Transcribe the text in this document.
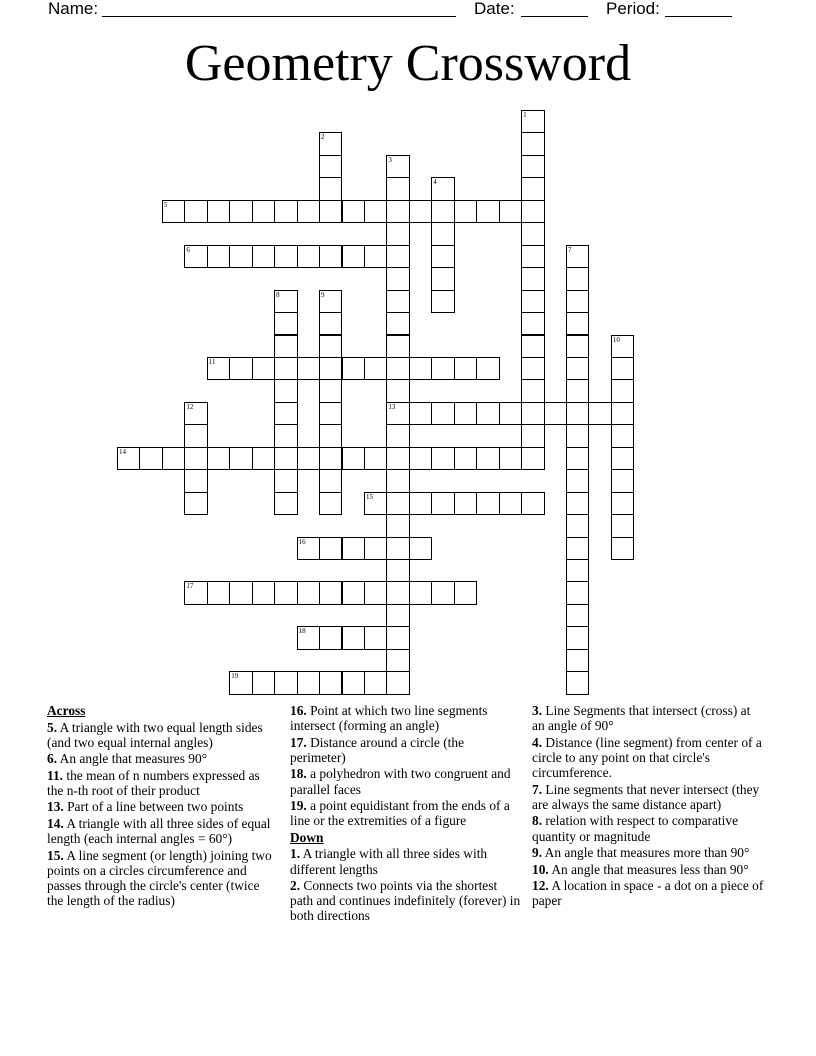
Name:	Date:	Period:
Geometry Crossword
1
2
3
13
4
5
6	7
8	9
10
11
12
14
15
16
17
18
19
Across
5. A triangle with two equal length sides (and two equal internal angles)
6. An angle that measures 90°
11. the mean of n numbers expressed as the n-th root of their product
13. Part of a line between two points
14. A triangle with all three sides of equal length (each internal angles = 60°)
15. A line segment (or length) joining two points on a circles circumference and passes through the circle's center (twice the length of the radius)
16. Point at which two line segments intersect (forming an angle)
17. Distance around a circle (the perimeter)
18. a polyhedron with two congruent and parallel faces
19. a point equidistant from the ends of a line or the extremities of a figure
Down
1. A triangle with all three sides with different lengths
2. Connects two points via the shortest path and continues indefinitely (forever) in both directions
3. Line Segments that intersect (cross) at an angle of 90°
4. Distance (line segment) from center of a circle to any point on that circle's circumference.
7. Line segments that never intersect (they are always the same distance apart)
8. relation with respect to comparative quantity or magnitude
9. An angle that measures more than 90°
10. An angle that measures less than 90°
12. A location in space - a dot on a piece of paper
